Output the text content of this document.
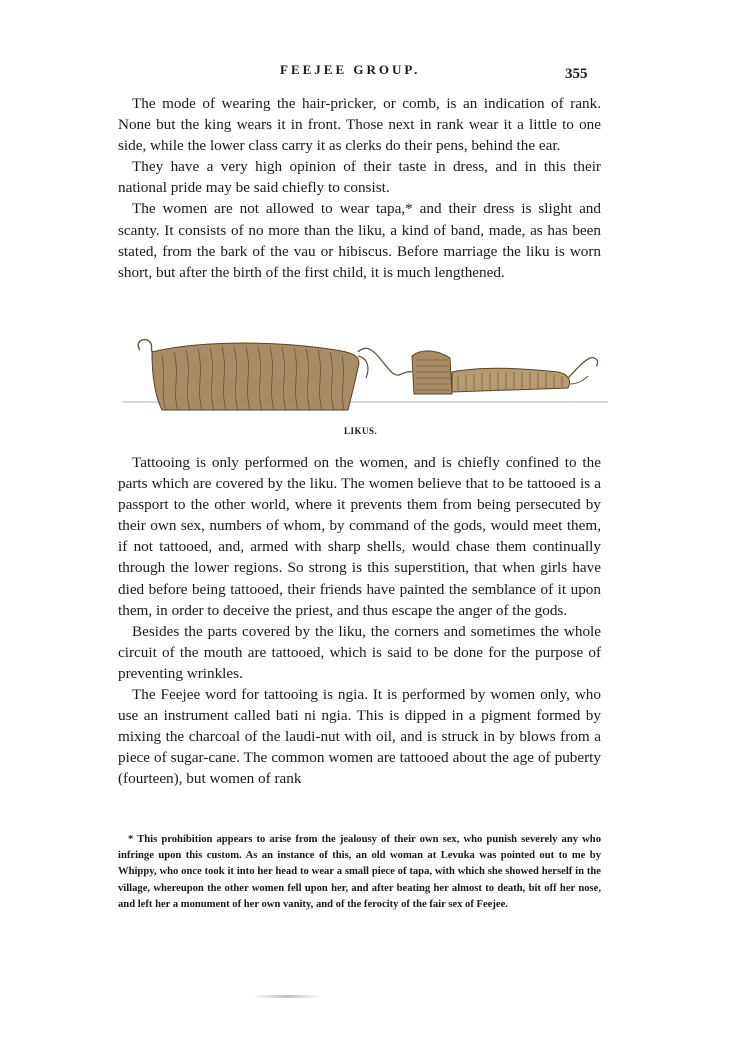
FEEJEE GROUP.	355

The mode of wearing the hair-pricker, or comb, is an indication of rank. None but the king wears it in front. Those next in rank wear it a little to one side, while the lower class carry it as clerks do their pens, behind the ear.

They have a very high opinion of their taste in dress, and in this their national pride may be said chiefly to consist.

The women are not allowed to wear tapa,* and their dress is slight and scanty. It consists of no more than the liku, a kind of band, made, as has been stated, from the bark of the vau or hibiscus. Before marriage the liku is worn short, but after the birth of the first child, it is much lengthened.

LIKUS.

Tattooing is only performed on the women, and is chiefly confined to the parts which are covered by the liku. The women believe that to be tattooed is a passport to the other world, where it prevents them from being persecuted by their own sex, numbers of whom, by command of the gods, would meet them, if not tattooed, and, armed with sharp shells, would chase them continually through the lower regions. So strong is this superstition, that when girls have died before being tattooed, their friends have painted the semblance of it upon them, in order to deceive the priest, and thus escape the anger of the gods.

Besides the parts covered by the liku, the corners and sometimes the whole circuit of the mouth are tattooed, which is said to be done for the purpose of preventing wrinkles.

The Feejee word for tattooing is ngia. It is performed by women only, who use an instrument called bati ni ngia. This is dipped in a pigment formed by mixing the charcoal of the laudi-nut with oil, and is struck in by blows from a piece of sugar-cane. The common women are tattooed about the age of puberty (fourteen), but women of rank

* This prohibition appears to arise from the jealousy of their own sex, who punish severely any who infringe upon this custom. As an instance of this, an old woman at Levuka was pointed out to me by Whippy, who once took it into her head to wear a small piece of tapa, with which she showed herself in the village, whereupon the other women fell upon her, and after beating her almost to death, bit off her nose, and left her a monument of her own vanity, and of the ferocity of the fair sex of Feejee.
